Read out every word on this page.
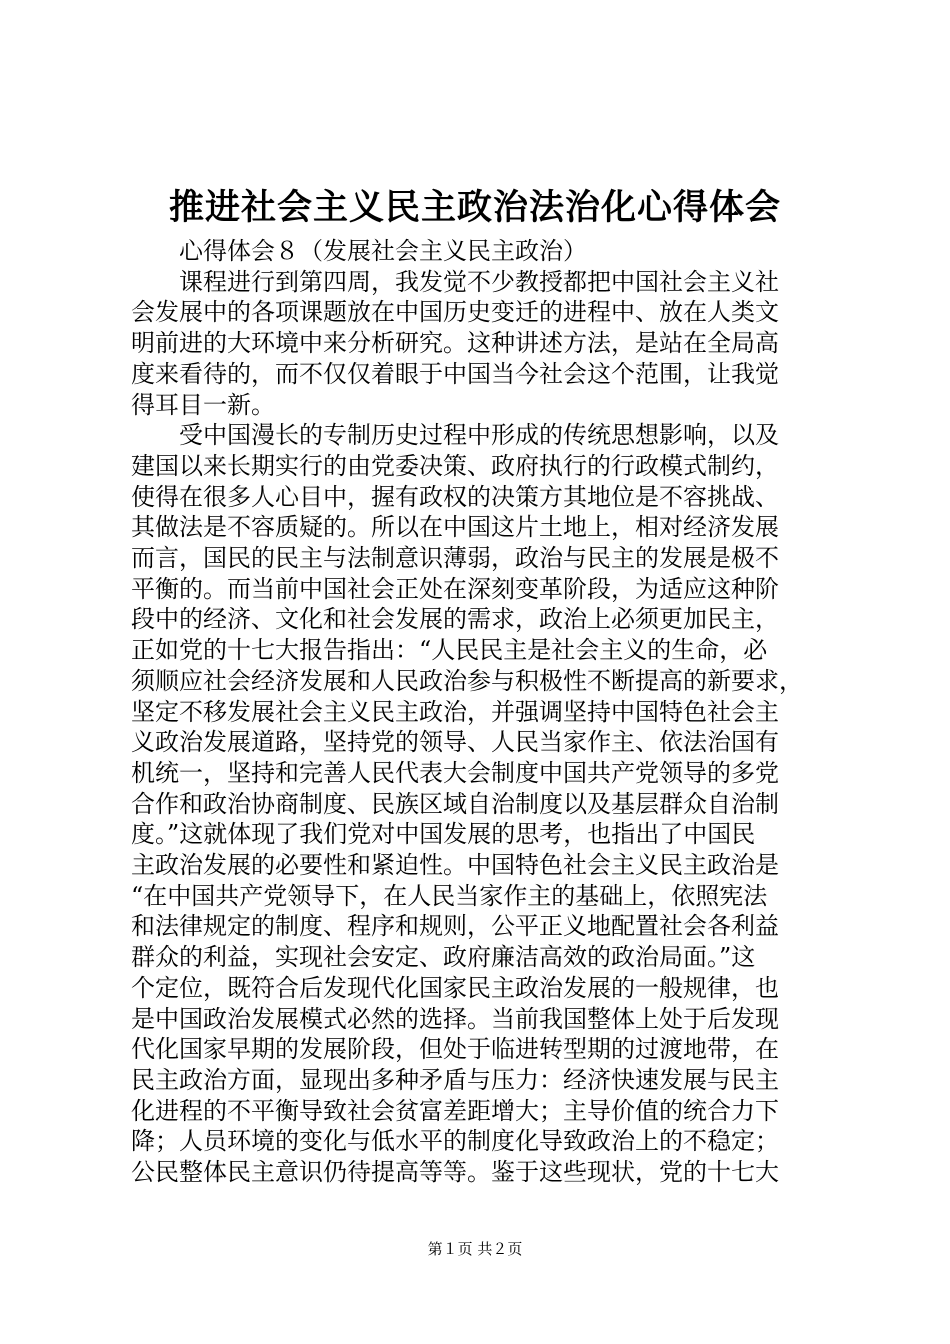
推进社会主义民主政治法治化心得体会
　　心得体会８（发展社会主义民主政治）
　　课程进行到第四周，我发觉不少教授都把中国社会主义社
会发展中的各项课题放在中国历史变迁的进程中、放在人类文
明前进的大环境中来分析研究。这种讲述方法，是站在全局高
度来看待的，而不仅仅着眼于中国当今社会这个范围，让我觉
得耳目一新。
　　受中国漫长的专制历史过程中形成的传统思想影响，以及
建国以来长期实行的由党委决策、政府执行的行政模式制约，
使得在很多人心目中，握有政权的决策方其地位是不容挑战、
其做法是不容质疑的。所以在中国这片土地上，相对经济发展
而言，国民的民主与法制意识薄弱，政治与民主的发展是极不
平衡的。而当前中国社会正处在深刻变革阶段，为适应这种阶
段中的经济、文化和社会发展的需求，政治上必须更加民主，
正如党的十七大报告指出：“人民民主是社会主义的生命，必
须顺应社会经济发展和人民政治参与积极性不断提高的新要求，
坚定不移发展社会主义民主政治，并强调坚持中国特色社会主
义政治发展道路，坚持党的领导、人民当家作主、依法治国有
机统一，坚持和完善人民代表大会制度中国共产党领导的多党
合作和政治协商制度、民族区域自治制度以及基层群众自治制
度。”这就体现了我们党对中国发展的思考，也指出了中国民
主政治发展的必要性和紧迫性。中国特色社会主义民主政治是
“在中国共产党领导下，在人民当家作主的基础上，依照宪法
和法律规定的制度、程序和规则，公平正义地配置社会各利益
群众的利益，实现社会安定、政府廉洁高效的政治局面。”这
个定位，既符合后发现代化国家民主政治发展的一般规律，也
是中国政治发展模式必然的选择。当前我国整体上处于后发现
代化国家早期的发展阶段，但处于临进转型期的过渡地带，在
民主政治方面，显现出多种矛盾与压力：经济快速发展与民主
化进程的不平衡导致社会贫富差距增大；主导价值的统合力下
降；人员环境的变化与低水平的制度化导致政治上的不稳定；
公民整体民主意识仍待提高等等。鉴于这些现状，党的十七大
第１页 共２页
